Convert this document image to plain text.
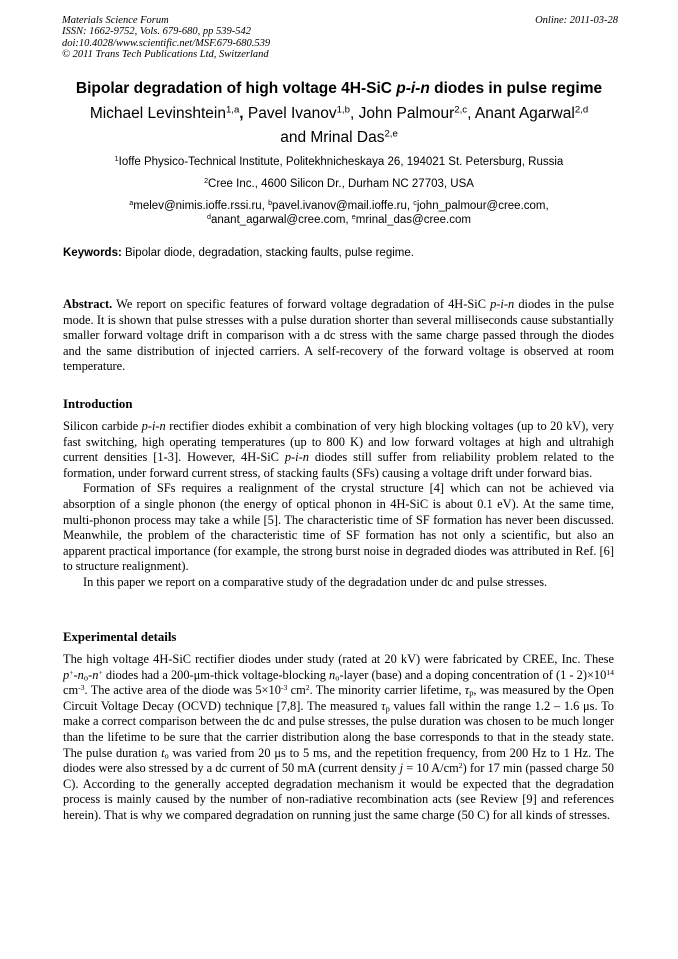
Materials Science Forum
ISSN: 1662-9752, Vols. 679-680, pp 539-542
doi:10.4028/www.scientific.net/MSF.679-680.539
© 2011 Trans Tech Publications Ltd, Switzerland
Online: 2011-03-28
Bipolar degradation of high voltage 4H-SiC p-i-n diodes in pulse regime
Michael Levinshtein$^{1,a}$, Pavel Ivanov$^{1,b}$, John Palmour$^{2,c}$, Anant Agarwal$^{2,d}$
and Mrinal Das$^{2,e}$
$^1$Ioffe Physico-Technical Institute, Politekhnicheskaya 26, 194021 St. Petersburg, Russia
$^2$Cree Inc., 4600 Silicon Dr., Durham NC 27703, USA
$^a$melev@nimis.ioffe.rssi.ru, $^b$pavel.ivanov@mail.ioffe.ru, $^c$john_palmour@cree.com,
$^d$anant_agarwal@cree.com, $^e$mrinal_das@cree.com
Keywords: Bipolar diode, degradation, stacking faults, pulse regime.

Abstract. We report on specific features of forward voltage degradation of 4H-SiC p-i-n diodes in the pulse mode. It is shown that pulse stresses with a pulse duration shorter than several milliseconds cause substantially smaller forward voltage drift in comparison with a dc stress with the same charge passed through the diodes and the same distribution of injected carriers. A self-recovery of the forward voltage is observed at room temperature.

Introduction

Silicon carbide p-i-n rectifier diodes exhibit a combination of very high blocking voltages (up to 20 kV), very fast switching, high operating temperatures (up to 800 K) and low forward voltages at high and ultrahigh current densities [1-3]. However, 4H-SiC p-i-n diodes still suffer from reliability problem related to the formation, under forward current stress, of stacking faults (SFs) causing a voltage drift under forward bias.

Formation of SFs requires a realignment of the crystal structure [4] which can not be achieved via absorption of a single phonon (the energy of optical phonon in 4H-SiC is about 0.1 eV). At the same time, multi-phonon process may take a while [5]. The characteristic time of SF formation has never been discussed. Meanwhile, the problem of the characteristic time of SF formation has not only a scientific, but also an apparent practical importance (for example, the strong burst noise in degraded diodes was attributed in Ref. [6] to structure realignment).

In this paper we report on a comparative study of the degradation under dc and pulse stresses.

Experimental details

The high voltage 4H-SiC rectifier diodes under study (rated at 20 kV) were fabricated by CREE, Inc. These $p^+-n_o-n^+$ diodes had a 200-μm-thick voltage-blocking $n_o$-layer (base) and a doping concentration of $(1 - 2)\times 10^{14}$ $cm^{-3}$. The active area of the diode was $5\times 10^{-3}$ $cm^2$. The minority carrier lifetime, $\tau_p$, was measured by the Open Circuit Voltage Decay (OCVD) technique [7,8]. The measured $\tau_p$ values fall within the range 1.2 – 1.6 μs. To make a correct comparison between the dc and pulse stresses, the pulse duration was chosen to be much longer than the lifetime to be sure that the carrier distribution along the base corresponds to that in the steady state. The pulse duration $t_o$ was varied from 20 μs to 5 ms, and the repetition frequency, from 200 Hz to 1 Hz. The diodes were also stressed by a dc current of 50 mA (current density j = 10 $A/cm^2$) for 17 min (passed charge 50 C). According to the generally accepted degradation mechanism it would be expected that the degradation process is mainly caused by the number of non-radiative recombination acts (see Review [9] and references herein). That is why we compared degradation on running just the same charge (50 C) for all kinds of stresses.
